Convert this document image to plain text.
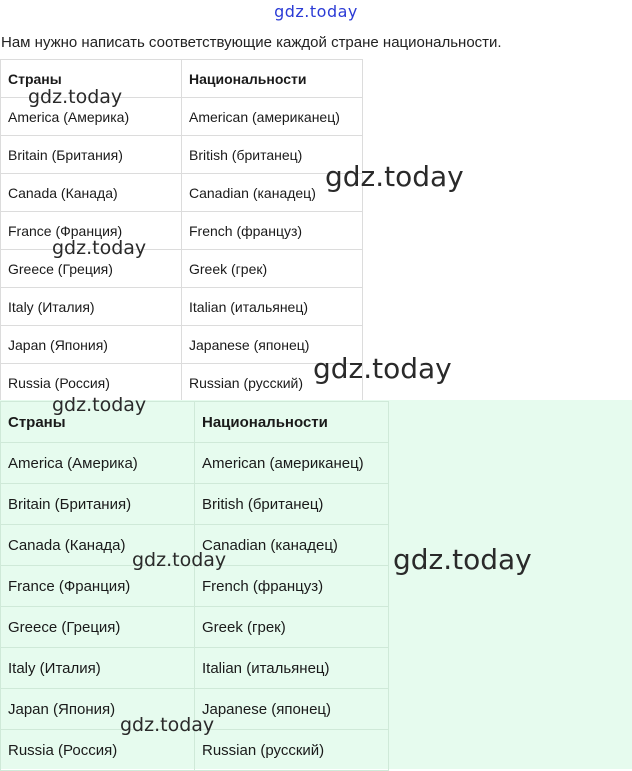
gdz.today
Нам нужно написать соответствующие каждой стране национальности.
Страны	Национальности
America (Америка)	American (американец)
Britain (Британия)	British (британец)
Canada (Канада)	Canadian (канадец)
France (Франция)	French (француз)
Greece (Греция)	Greek (грек)
Italy (Италия)	Italian (итальянец)
Japan (Япония)	Japanese (японец)
Russia (Россия)	Russian (русский)
Страны	Национальности
America (Америка)	American (американец)
Britain (Британия)	British (британец)
Canada (Канада)	Canadian (канадец)
France (Франция)	French (француз)
Greece (Греция)	Greek (грек)
Italy (Италия)	Italian (итальянец)
Japan (Япония)	Japanese (японец)
Russia (Россия)	Russian (русский)
gdz.today
gdz.today
gdz.today
gdz.today
gdz.today
gdz.today	gdz.today
gdz.today
